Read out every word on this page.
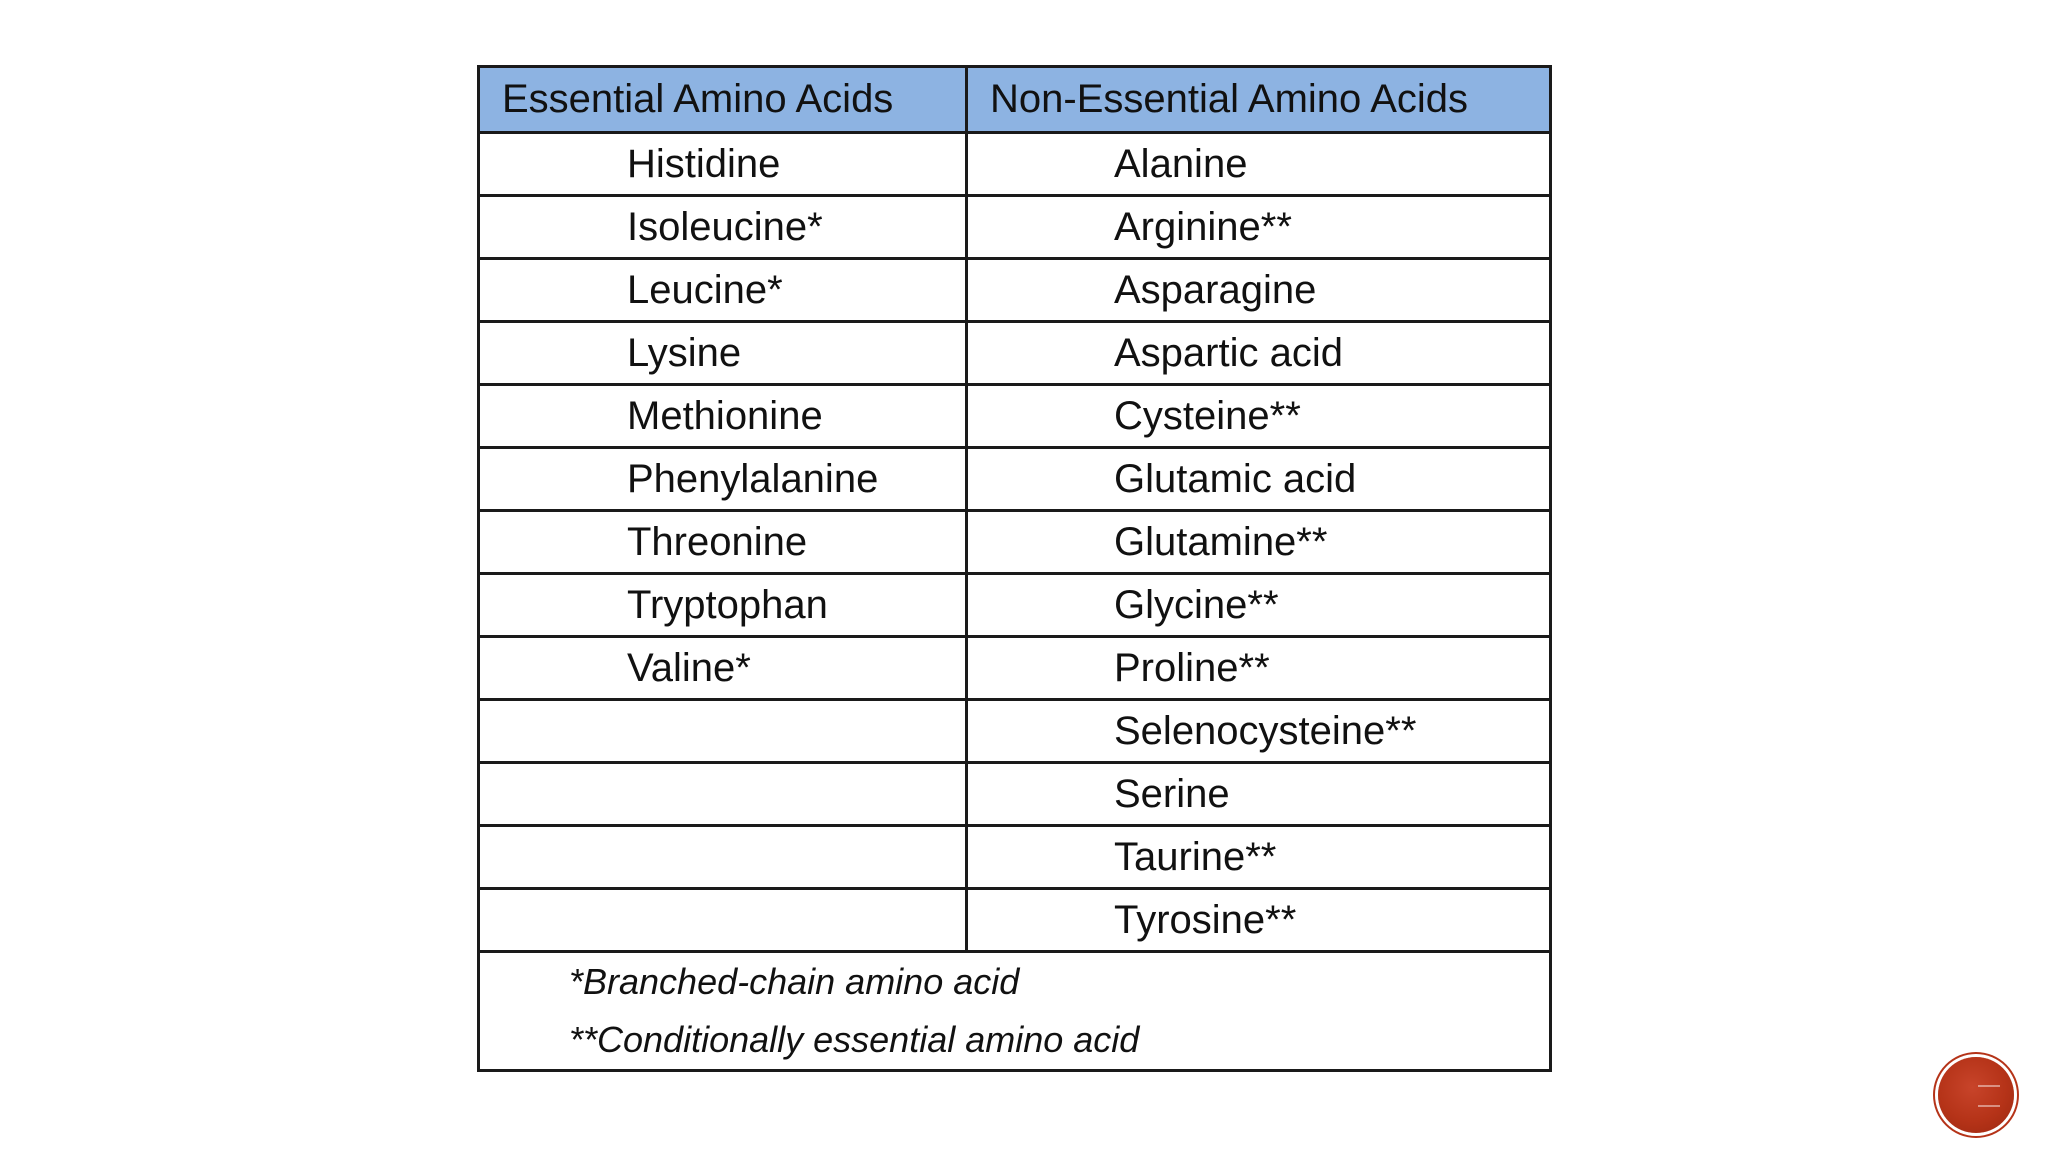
Essential Amino Acids	Non-Essential Amino Acids
Histidine	Alanine
Isoleucine*	Arginine**
Leucine*	Asparagine
Lysine	Aspartic acid
Methionine	Cysteine**
Phenylalanine	Glutamic acid
Threonine	Glutamine**
Tryptophan	Glycine**
Valine*	Proline**
	Selenocysteine**
	Serine
	Taurine**
	Tyrosine**

*Branched-chain amino acid
**Conditionally essential amino acid	
